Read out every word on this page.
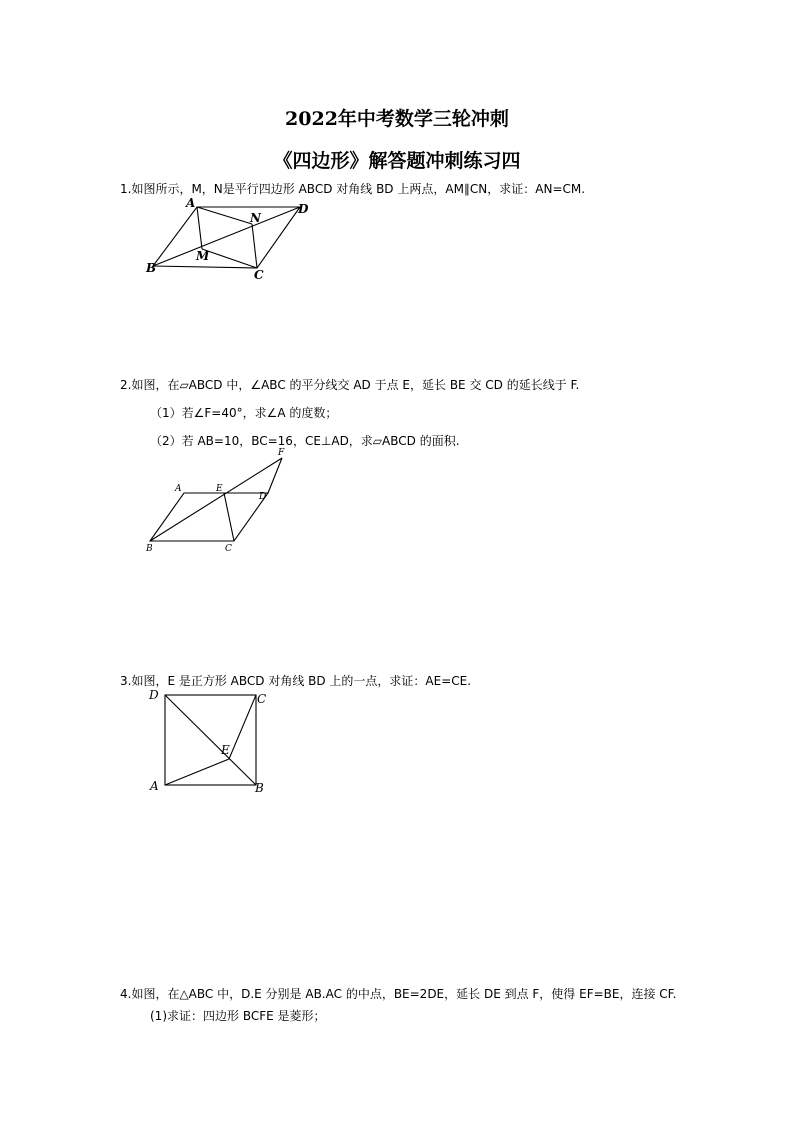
2022年中考数学三轮冲刺
《四边形》解答题冲刺练习四
1.如图所示，M，N是平行四边形 ABCD 对角线 BD 上两点，AM∥CN，求证：AN=CM.
A	D
N
M
B	C
2.如图，在▱ABCD 中，∠ABC 的平分线交 AD 于点 E，延长 BE 交 CD 的延长线于 F.
（1）若∠F=40°，求∠A 的度数；
（2）若 AB=10，BC=16，CE⊥AD，求▱ABCD 的面积.
F
A	E
D
B	C
3.如图，E 是正方形 ABCD 对角线 BD 上的一点，求证：AE=CE.
D	C
E
A	B
4.如图，在△ABC 中，D.E 分别是 AB.AC 的中点，BE=2DE，延长 DE 到点 F，使得 EF=BE，连接 CF.
(1)求证：四边形 BCFE 是菱形；
